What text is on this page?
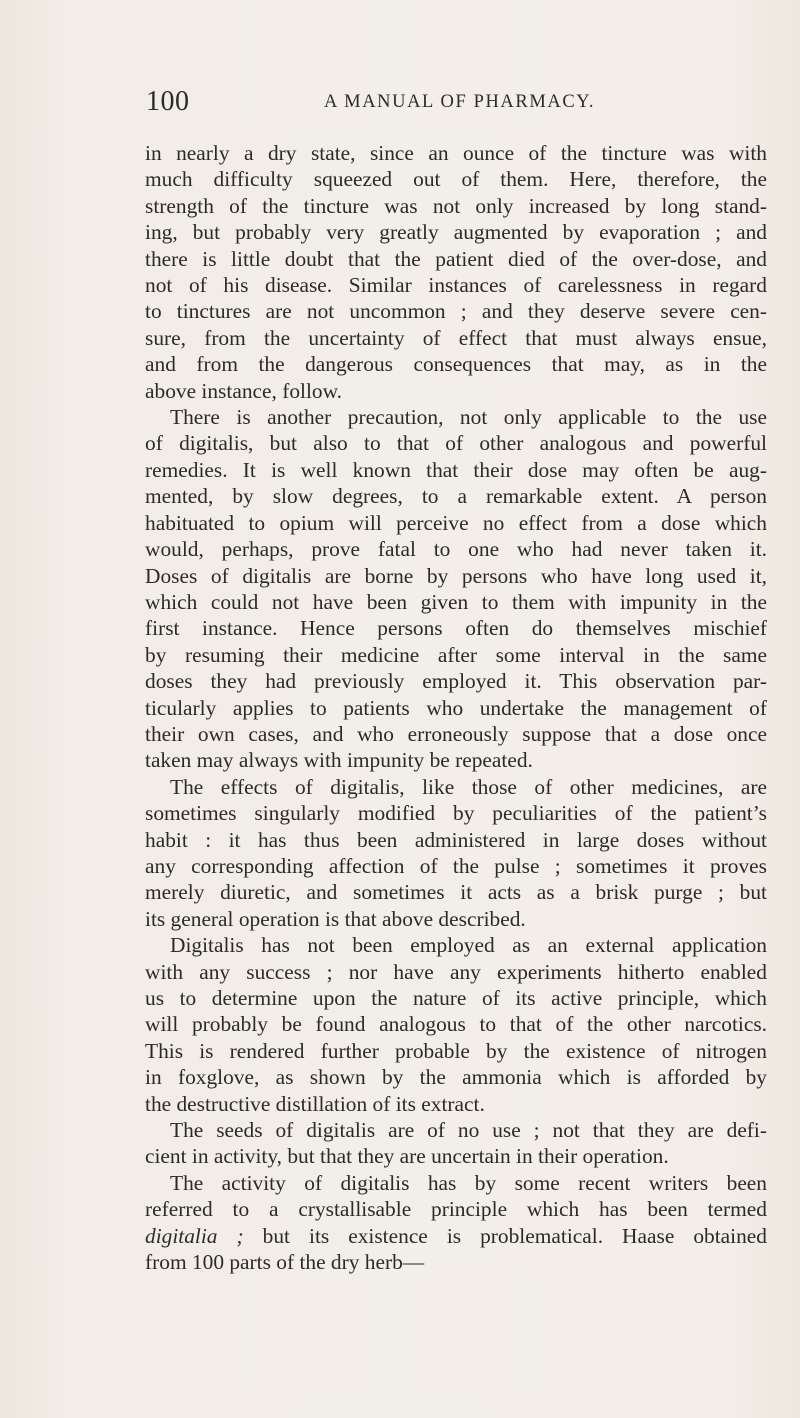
100	A MANUAL OF PHARMACY.

in nearly a dry state, since an ounce of the tincture was with

much difficulty squeezed out of them. Here, therefore, the

strength of the tincture was not only increased by long stand-

ing, but probably very greatly augmented by evaporation ; and

there is little doubt that the patient died of the over-dose, and

not of his disease. Similar instances of carelessness in regard

to tinctures are not uncommon ; and they deserve severe cen-

sure, from the uncertainty of effect that must always ensue,

and from the dangerous consequences that may, as in the

above instance, follow.

There is another precaution, not only applicable to the use

of digitalis, but also to that of other analogous and powerful

remedies. It is well known that their dose may often be aug-

mented, by slow degrees, to a remarkable extent. A person

habituated to opium will perceive no effect from a dose which

would, perhaps, prove fatal to one who had never taken it.

Doses of digitalis are borne by persons who have long used it,

which could not have been given to them with impunity in the

first instance. Hence persons often do themselves mischief

by resuming their medicine after some interval in the same

doses they had previously employed it. This observation par-

ticularly applies to patients who undertake the management of

their own cases, and who erroneously suppose that a dose once

taken may always with impunity be repeated.

The effects of digitalis, like those of other medicines, are

sometimes singularly modified by peculiarities of the patient’s

habit : it has thus been administered in large doses without

any corresponding affection of the pulse ; sometimes it proves

merely diuretic, and sometimes it acts as a brisk purge ; but

its general operation is that above described.

Digitalis has not been employed as an external application

with any success ; nor have any experiments hitherto enabled

us to determine upon the nature of its active principle, which

will probably be found analogous to that of the other narcotics.

This is rendered further probable by the existence of nitrogen

in foxglove, as shown by the ammonia which is afforded by

the destructive distillation of its extract.

The seeds of digitalis are of no use ; not that they are defi-

cient in activity, but that they are uncertain in their operation.

The activity of digitalis has by some recent writers been

referred to a crystallisable principle which has been termed

digitalia ; but its existence is problematical. Haase obtained

from 100 parts of the dry herb—
